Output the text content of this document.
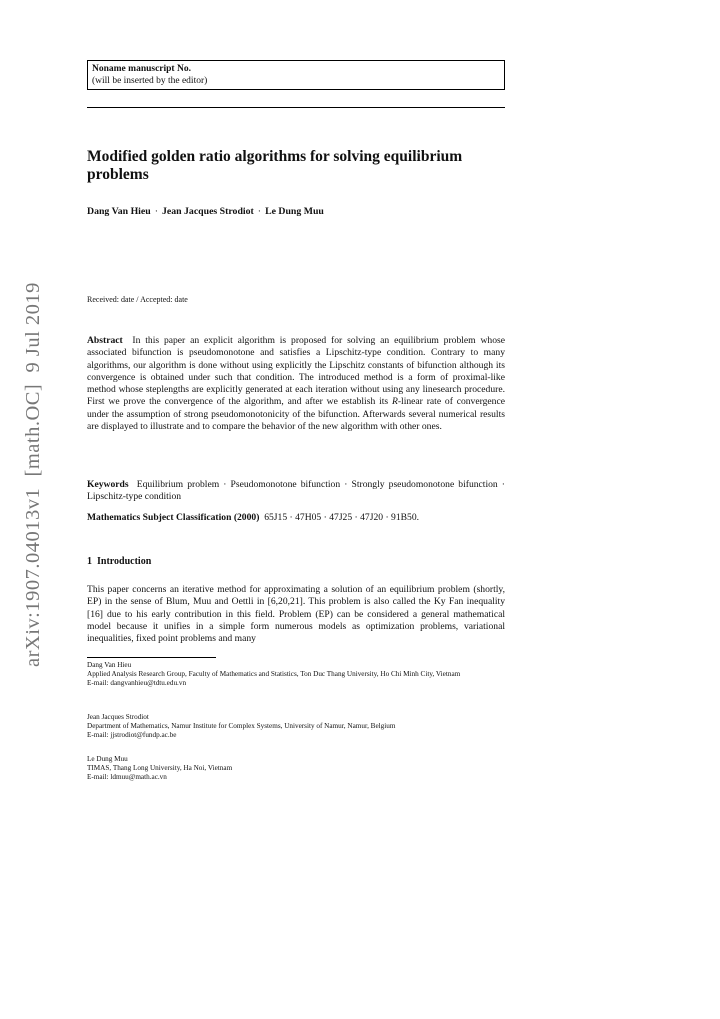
Noname manuscript No.
(will be inserted by the editor)
Modified golden ratio algorithms for solving equilibrium problems
Dang Van Hieu · Jean Jacques Strodiot · Le Dung Muu
Received: date / Accepted: date
Abstract In this paper an explicit algorithm is proposed for solving an equilibrium problem whose associated bifunction is pseudomonotone and satisfies a Lipschitz-type condition. Contrary to many algorithms, our algorithm is done without using explicitly the Lipschitz constants of bifunction although its convergence is obtained under such that condition. The introduced method is a form of proximal-like method whose steplengths are explicitly generated at each iteration without using any linesearch procedure. First we prove the convergence of the algorithm, and after we establish its R-linear rate of convergence under the assumption of strong pseudomonotonicity of the bifunction. Afterwards several numerical results are displayed to illustrate and to compare the behavior of the new algorithm with other ones.
Keywords Equilibrium problem · Pseudomonotone bifunction · Strongly pseudomonotone bifunction · Lipschitz-type condition
Mathematics Subject Classification (2000) 65J15 · 47H05 · 47J25 · 47J20 · 91B50.
1 Introduction
This paper concerns an iterative method for approximating a solution of an equilibrium problem (shortly, EP) in the sense of Blum, Muu and Oettli in [6,20,21]. This problem is also called the Ky Fan inequality [16] due to his early contribution in this field. Problem (EP) can be considered a general mathematical model because it unifies in a simple form numerous models as optimization problems, variational inequalities, fixed point problems and many
Dang Van Hieu
Applied Analysis Research Group, Faculty of Mathematics and Statistics, Ton Duc Thang University, Ho Chi Minh City, Vietnam
E-mail: dangvanhieu@tdtu.edu.vn
Jean Jacques Strodiot
Department of Mathematics, Namur Institute for Complex Systems, University of Namur, Namur, Belgium
E-mail: jjstrodiot@fundp.ac.be
Le Dung Muu
TIMAS, Thang Long University, Ha Noi, Vietnam
E-mail: ldmuu@math.ac.vn
arXiv:1907.04013v1  [math.OC]  9 Jul 2019
